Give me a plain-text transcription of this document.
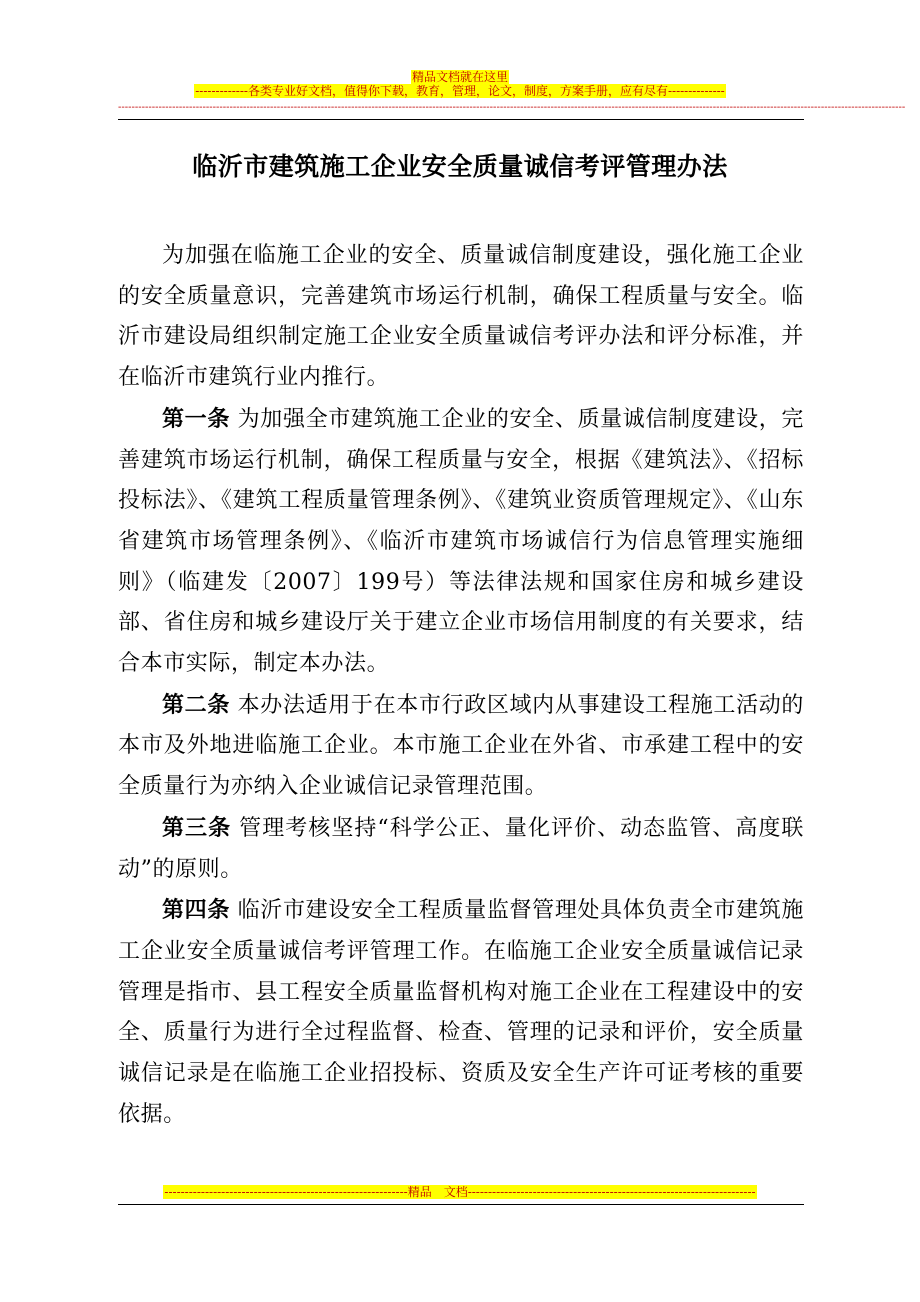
精品文档就在这里
-------------各类专业好文档，值得你下载，教育，管理，论文，制度，方案手册，应有尽有--------------
-----------------------------------------------------------------------------------------------------------------------------------------------------------------------------------------------------------------------------------------
临沂市建筑施工企业安全质量诚信考评管理办法

为加强在临施工企业的安全、质量诚信制度建设，强化施工企业的安全质量意识，完善建筑市场运行机制，确保工程质量与安全。临沂市建设局组织制定施工企业安全质量诚信考评办法和评分标准，并在临沂市建筑行业内推行。

第一条 为加强全市建筑施工企业的安全、质量诚信制度建设，完善建筑市场运行机制，确保工程质量与安全，根据《建筑法》、《招标投标法》、《建筑工程质量管理条例》、《建筑业资质管理规定》、《山东省建筑市场管理条例》、《临沂市建筑市场诚信行为信息管理实施细则》（临建发〔2007〕199号）等法律法规和国家住房和城乡建设部、省住房和城乡建设厅关于建立企业市场信用制度的有关要求，结合本市实际，制定本办法。

第二条 本办法适用于在本市行政区域内从事建设工程施工活动的本市及外地进临施工企业。本市施工企业在外省、市承建工程中的安全质量行为亦纳入企业诚信记录管理范围。

第三条 管理考核坚持“科学公正、量化评价、动态监管、高度联动”的原则。

第四条 临沂市建设安全工程质量监督管理处具体负责全市建筑施工企业安全质量诚信考评管理工作。在临施工企业安全质量诚信记录管理是指市、县工程安全质量监督机构对施工企业在工程建设中的安全、质量行为进行全过程监督、检查、管理的记录和评价，安全质量诚信记录是在临施工企业招投标、资质及安全生产许可证考核的重要依据。

------------------------------------------------------------精品　文档-----------------------------------------------------------------------
